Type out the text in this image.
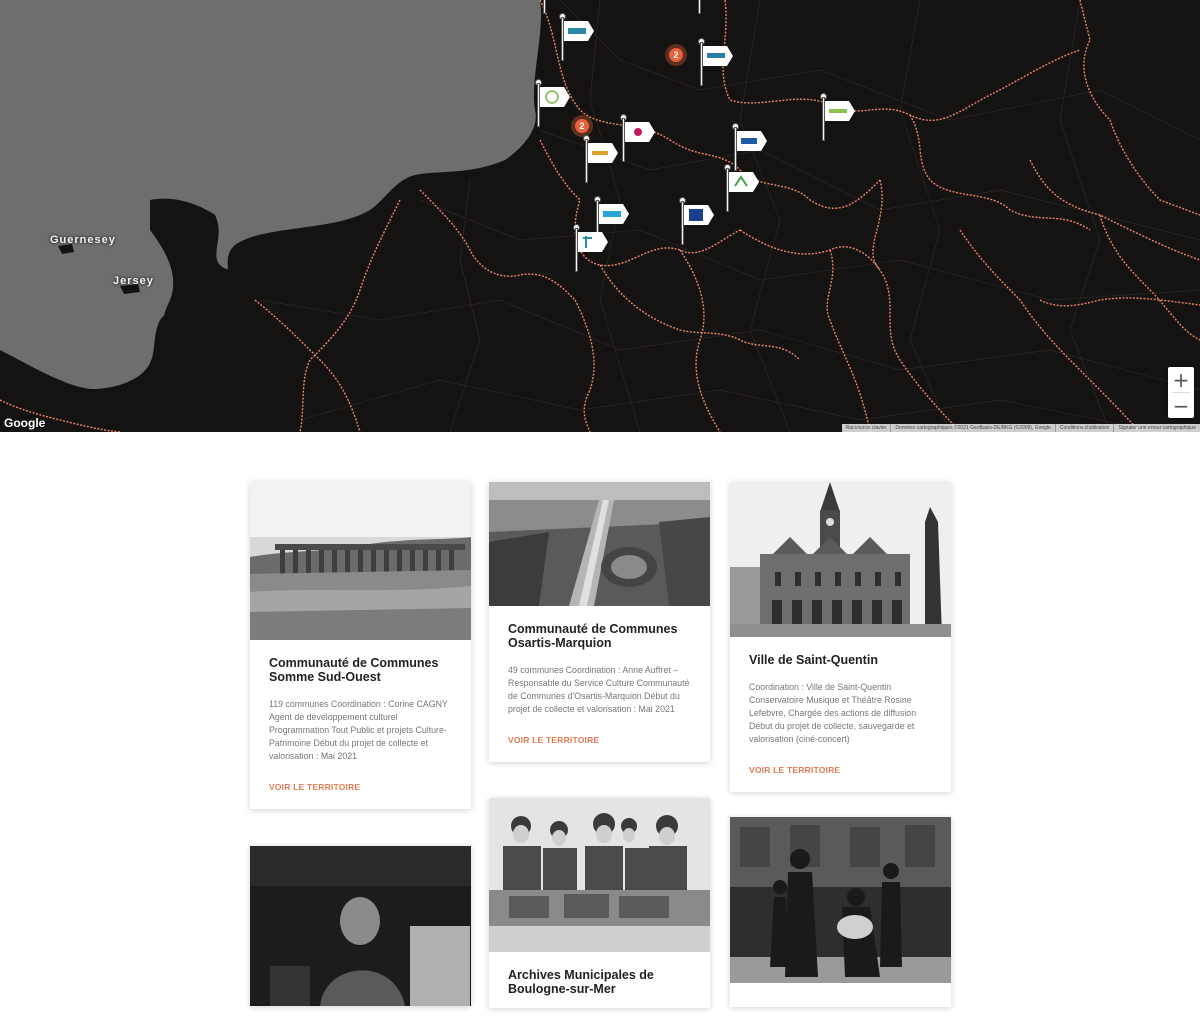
Guernesey
Jersey
2
2
Google	Raccourcis clavier	Données cartographiques ©2021 GeoBasis-DE/BKG (©2009), Google	Conditions d'utilisation	Signaler une erreur cartographique
+
−
Communauté de Communes Somme Sud-Ouest

119 communes Coordination : Corine CAGNY Agent de développement culturel Programmation Tout Public et projets Culture-Patrimoine Début du projet de collecte et valorisation : Mai 2021

VOIR LE TERRITOIRE
Communauté de Communes Osartis-Marquion

49 communes Coordination : Anne Auffret – Responsable du Service Culture Communauté de Communes d'Osartis-Marquion Début du projet de collecte et valorisation : Mai 2021

VOIR LE TERRITOIRE
Ville de Saint-Quentin

Coordination : Ville de Saint-Quentin Conservatoire Musique et Théâtre Rosine Lefebvre, Chargée des actions de diffusion Début du projet de collecte, sauvegarde et valorisation (ciné-concert)

VOIR LE TERRITOIRE
Archives Municipales de Boulogne-sur-Mer
